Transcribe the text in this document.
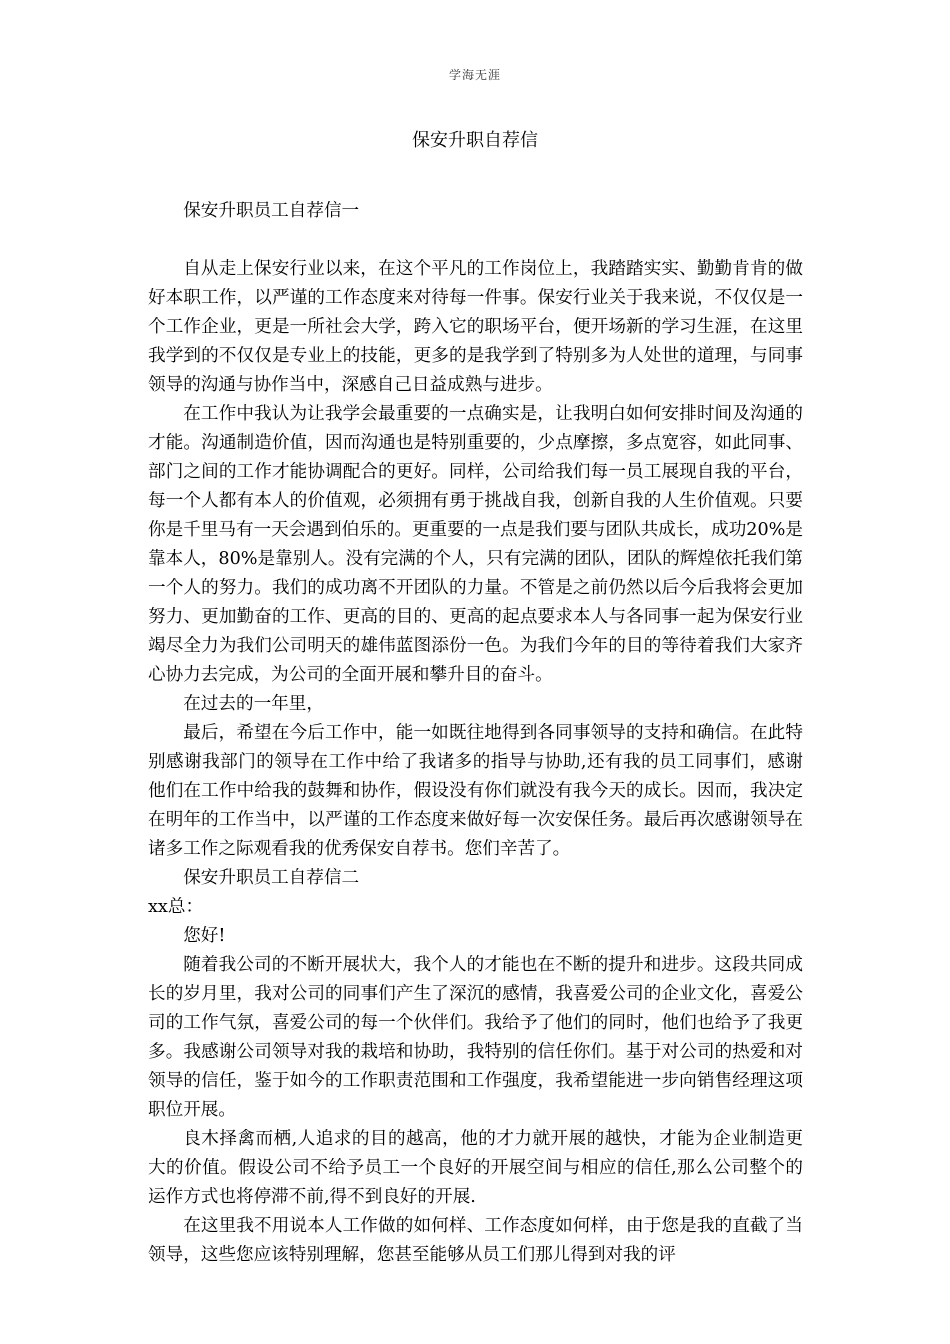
学海无涯
保安升职自荐信

保安升职员工自荐信一

自从走上保安行业以来，在这个平凡的工作岗位上，我踏踏实实、勤勤肯肯的做好本职工作，以严谨的工作态度来对待每一件事。保安行业关于我来说，不仅仅是一个工作企业，更是一所社会大学，跨入它的职场平台，便开场新的学习生涯，在这里我学到的不仅仅是专业上的技能，更多的是我学到了特别多为人处世的道理，与同事领导的沟通与协作当中，深感自己日益成熟与进步。

在工作中我认为让我学会最重要的一点确实是，让我明白如何安排时间及沟通的才能。沟通制造价值，因而沟通也是特别重要的，少点摩擦，多点宽容，如此同事、部门之间的工作才能协调配合的更好。同样，公司给我们每一员工展现自我的平台，每一个人都有本人的价值观，必须拥有勇于挑战自我，创新自我的人生价值观。只要你是千里马有一天会遇到伯乐的。更重要的一点是我们要与团队共成长，成功20%是靠本人，80%是靠别人。没有完满的个人，只有完满的团队，团队的辉煌依托我们第一个人的努力。我们的成功离不开团队的力量。不管是之前仍然以后今后我将会更加努力、更加勤奋的工作、更高的目的、更高的起点要求本人与各同事一起为保安行业竭尽全力为我们公司明天的雄伟蓝图添份一色。为我们今年的目的等待着我们大家齐心协力去完成，为公司的全面开展和攀升目的奋斗。

在过去的一年里，

最后，希望在今后工作中，能一如既往地得到各同事领导的支持和确信。在此特别感谢我部门的领导在工作中给了我诸多的指导与协助,还有我的员工同事们，感谢他们在工作中给我的鼓舞和协作，假设没有你们就没有我今天的成长。因而，我决定在明年的工作当中，以严谨的工作态度来做好每一次安保任务。最后再次感谢领导在诸多工作之际观看我的优秀保安自荐书。您们辛苦了。

保安升职员工自荐信二

xx总：

您好!

随着我公司的不断开展状大，我个人的才能也在不断的提升和进步。这段共同成长的岁月里，我对公司的同事们产生了深沉的感情，我喜爱公司的企业文化，喜爱公司的工作气氛，喜爱公司的每一个伙伴们。我给予了他们的同时，他们也给予了我更多。我感谢公司领导对我的栽培和协助，我特别的信任你们。基于对公司的热爱和对领导的信任，鉴于如今的工作职责范围和工作强度，我希望能进一步向销售经理这项职位开展。

良木择禽而栖,人追求的目的越高，他的才力就开展的越快，才能为企业制造更大的价值。假设公司不给予员工一个良好的开展空间与相应的信任,那么公司整个的运作方式也将停滞不前,得不到良好的开展.

在这里我不用说本人工作做的如何样、工作态度如何样，由于您是我的直截了当领导，这些您应该特别理解，您甚至能够从员工们那儿得到对我的评
